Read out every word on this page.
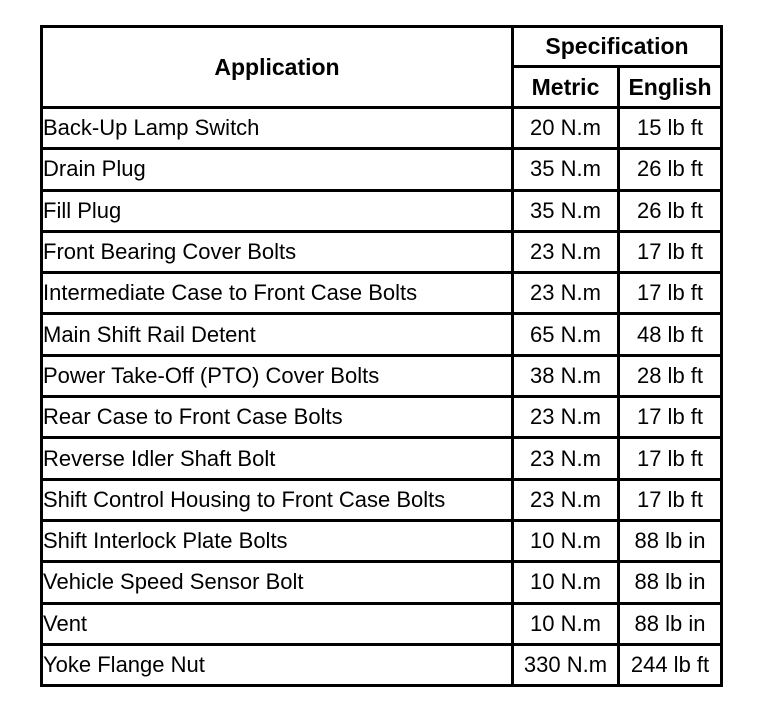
Application	Specification	
	Metric	English
Back-Up Lamp Switch	20 N.m	15 lb ft
Drain Plug	35 N.m	26 lb ft
Fill Plug	35 N.m	26 lb ft
Front Bearing Cover Bolts	23 N.m	17 lb ft
Intermediate Case to Front Case Bolts	23 N.m	17 lb ft
Main Shift Rail Detent	65 N.m	48 lb ft
Power Take-Off (PTO) Cover Bolts	38 N.m	28 lb ft
Rear Case to Front Case Bolts	23 N.m	17 lb ft
Reverse Idler Shaft Bolt	23 N.m	17 lb ft
Shift Control Housing to Front Case Bolts	23 N.m	17 lb ft
Shift Interlock Plate Bolts	10 N.m	88 lb in
Vehicle Speed Sensor Bolt	10 N.m	88 lb in
Vent	10 N.m	88 lb in
Yoke Flange Nut	330 N.m	244 lb ft
